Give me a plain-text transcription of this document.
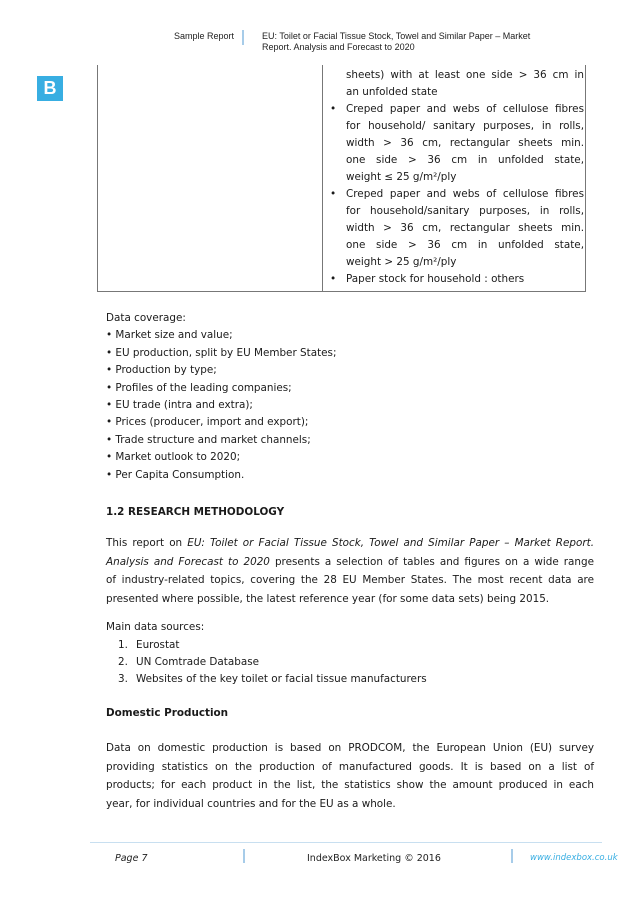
Sample Report	EU: Toilet or Facial Tissue Stock, Towel and Similar Paper – Market
Report. Analysis and Forecast to 2020
B
sheets) with at least one side > 36 cm in
an unfolded state
• Creped paper and webs of cellulose fibres
for household/ sanitary purposes, in rolls,
width > 36 cm, rectangular sheets min.
one side > 36 cm in unfolded state,
weight ≤ 25 g/m²/ply
• Creped paper and webs of cellulose fibres
for household/sanitary purposes, in rolls,
width > 36 cm, rectangular sheets min.
one side > 36 cm in unfolded state,
weight > 25 g/m²/ply
• Paper stock for household : others
Data coverage:
• Market size and value;
• EU production, split by EU Member States;
• Production by type;
• Profiles of the leading companies;
• EU trade (intra and extra);
• Prices (producer, import and export);
• Trade structure and market channels;
• Market outlook to 2020;
• Per Capita Consumption.
1.2 RESEARCH METHODOLOGY
This report on EU: Toilet or Facial Tissue Stock, Towel and Similar Paper – Market Report.
Analysis and Forecast to 2020 presents a selection of tables and figures on a wide range
of industry-related topics, covering the 28 EU Member States. The most recent data are
presented where possible, the latest reference year (for some data sets) being 2015.
Main data sources:
1. Eurostat
2. UN Comtrade Database
3. Websites of the key toilet or facial tissue manufacturers
Domestic Production
Data on domestic production is based on PRODCOM, the European Union (EU) survey
providing statistics on the production of manufactured goods. It is based on a list of
products; for each product in the list, the statistics show the amount produced in each
year, for individual countries and for the EU as a whole.
Page 7	IndexBox Marketing © 2016	www.indexbox.co.uk
